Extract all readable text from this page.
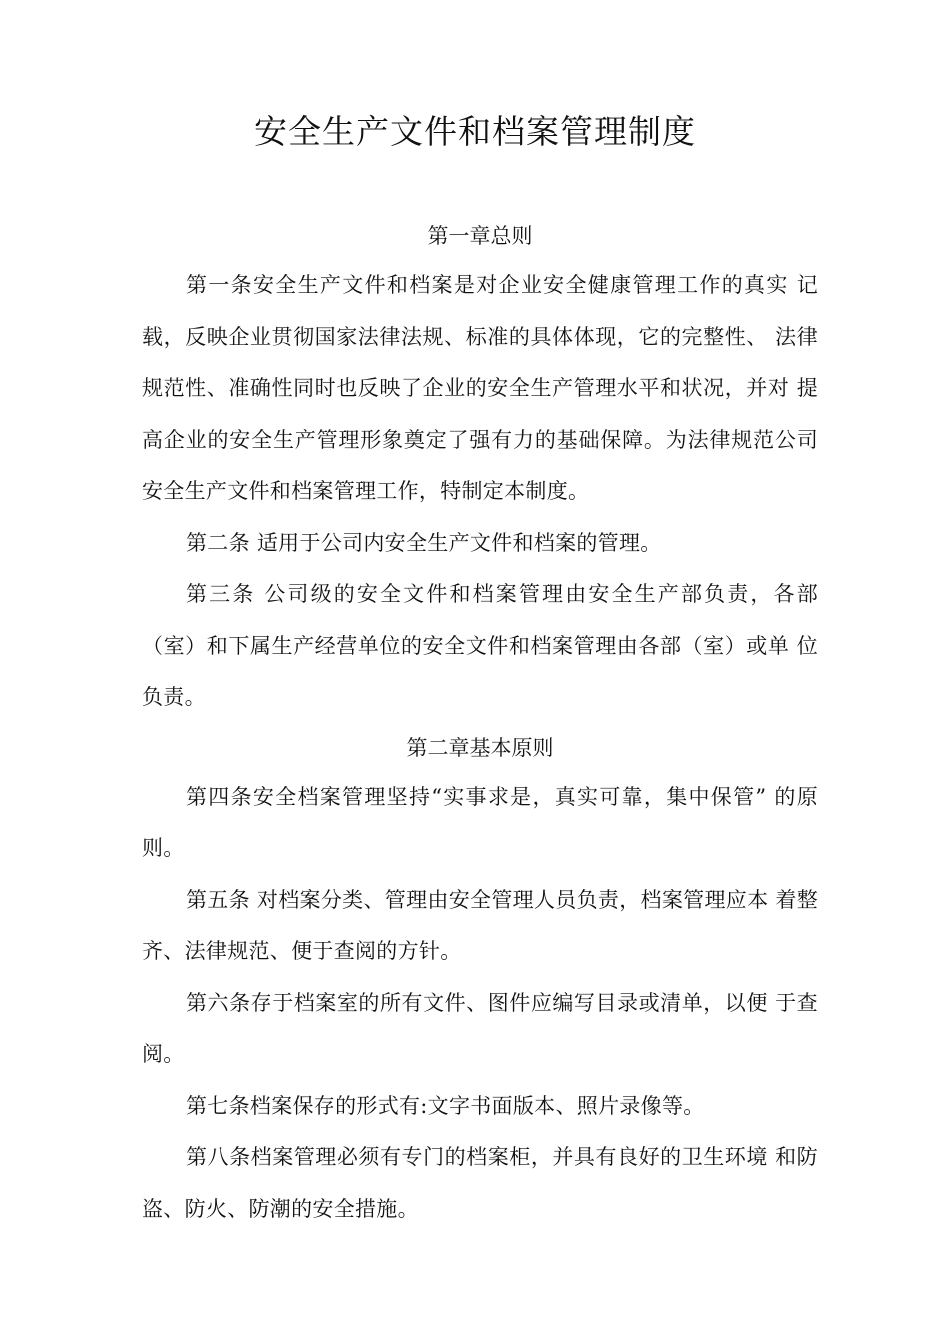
安全生产文件和档案管理制度
第一章总则

第一条安全生产文件和档案是对企业安全健康管理工作的真实 记载，反映企业贯彻国家法律法规、标准的具体体现，它的完整性、 法律规范性、准确性同时也反映了企业的安全生产管理水平和状况，并对 提高企业的安全生产管理形象奠定了强有力的基础保障。为法律规范公司安全生产文件和档案管理工作，特制定本制度。

第二条 适用于公司内安全生产文件和档案的管理。

第三条 公司级的安全文件和档案管理由安全生产部负责，各部（室）和下属生产经营单位的安全文件和档案管理由各部（室）或单 位负责。

第二章基本原则

第四条安全档案管理坚持“实事求是，真实可靠，集中保管” 的原则。

第五条 对档案分类、管理由安全管理人员负责，档案管理应本 着整齐、法律规范、便于查阅的方针。

第六条存于档案室的所有文件、图件应编写目录或清单，以便 于查阅。

第七条档案保存的形式有:文字书面版本、照片录像等。

第八条档案管理必须有专门的档案柜，并具有良好的卫生环境 和防盗、防火、防潮的安全措施。
